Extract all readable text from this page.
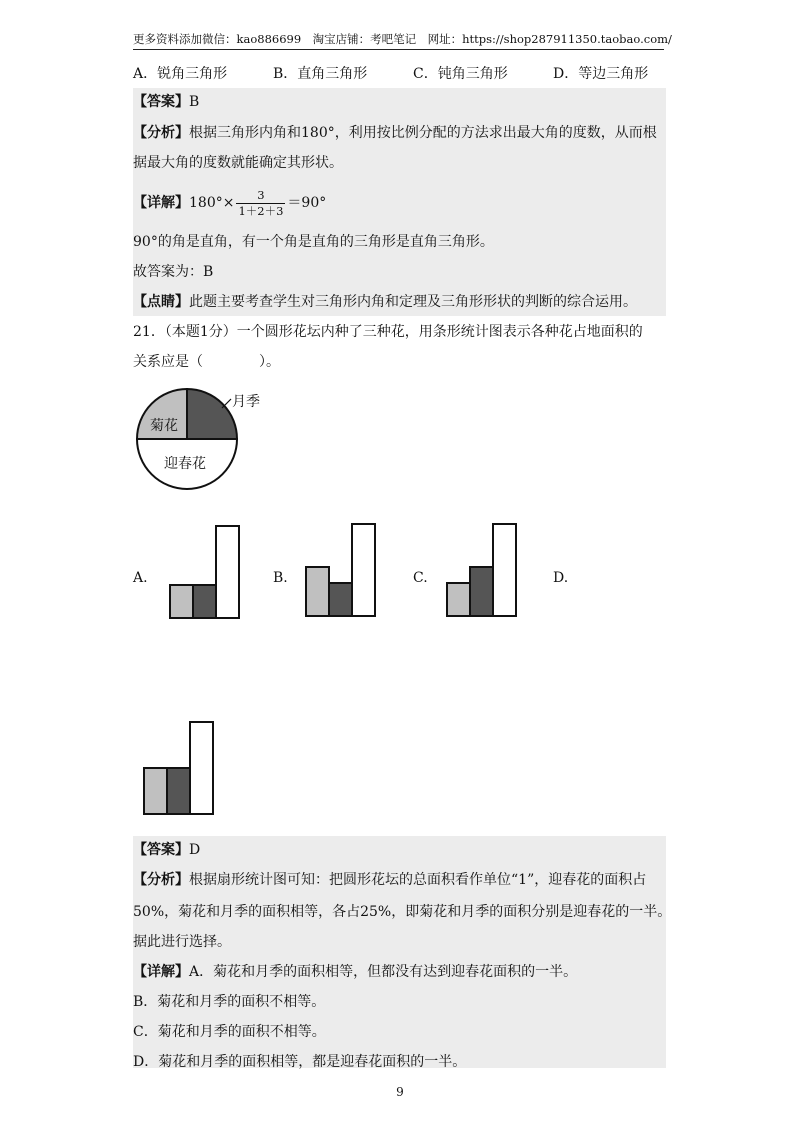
更多资料添加微信：kao886699　淘宝店铺：考吧笔记　网址：https://shop287911350.taobao.com/
A．锐角三角形	B．直角三角形	C．钝角三角形	D．等边三角形
【答案】B
【分析】根据三角形内角和180°，利用按比例分配的方法求出最大角的度数，从而根
据最大角的度数就能确定其形状。
【详解】$180^\circ\times \frac{3}{1+2+3} =90^\circ$
90°的角是直角，有一个角是直角的三角形是直角三角形。
故答案为：B
【点睛】此题主要考查学生对三角形内角和定理及三角形形状的判断的综合运用。
21．（本题1分）一个圆形花坛内种了三种花，用条形统计图表示各种花占地面积的
关系应是（　　　　）。
菊花
月季
迎春花
A.	B.	C.	D.
【答案】D
【分析】根据扇形统计图可知：把圆形花坛的总面积看作单位“1”，迎春花的面积占
50%，菊花和月季的面积相等，各占25%，即菊花和月季的面积分别是迎春花的一半。
据此进行选择。
【详解】A．菊花和月季的面积相等，但都没有达到迎春花面积的一半。
B．菊花和月季的面积不相等。
C．菊花和月季的面积不相等。
D．菊花和月季的面积相等，都是迎春花面积的一半。
9
